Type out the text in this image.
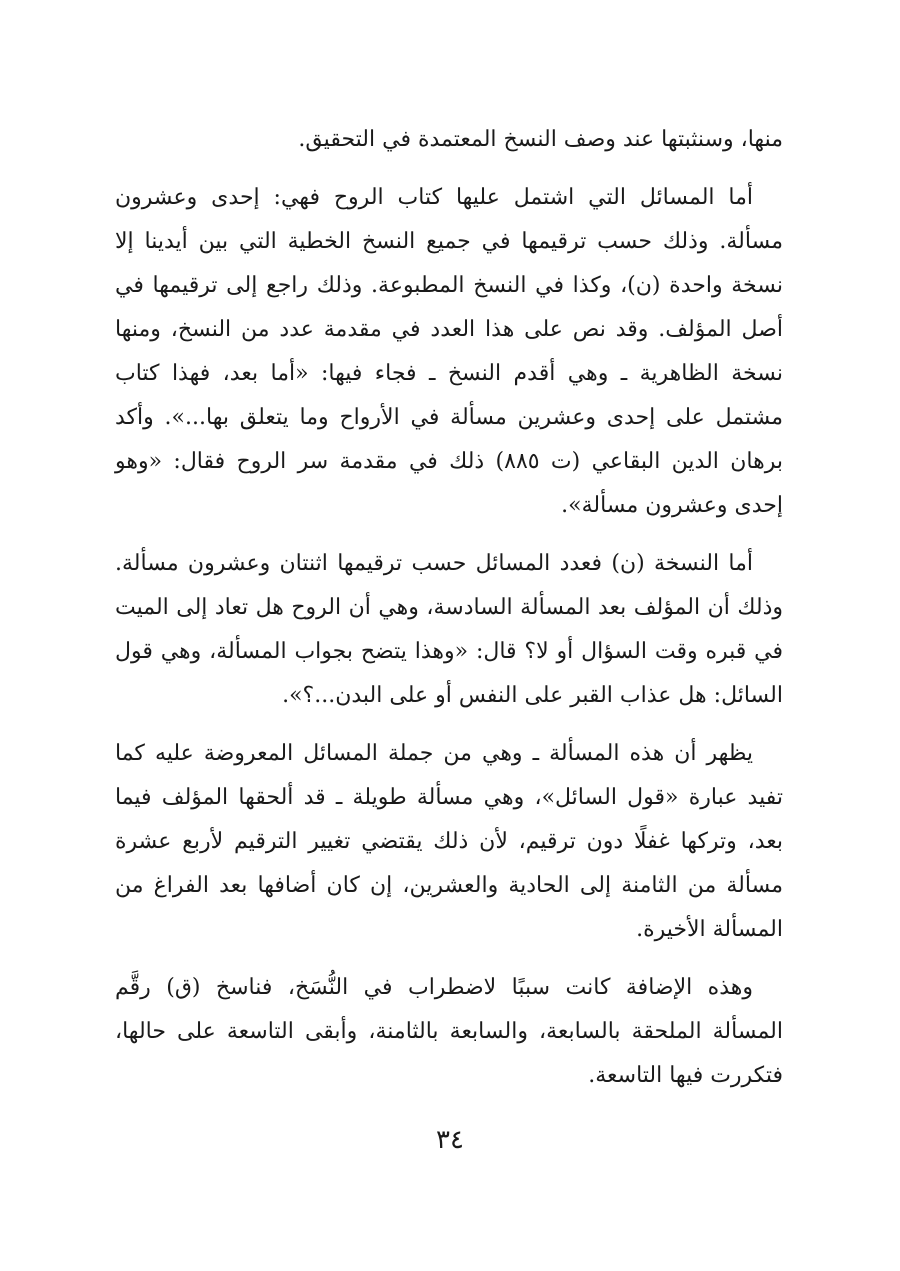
منها، وسنثبتها عند وصف النسخ المعتمدة في التحقيق.

أما المسائل التي اشتمل عليها كتاب الروح فهي: إحدى وعشرون مسألة. وذلك حسب ترقيمها في جميع النسخ الخطية التي بين أيدينا إلا نسخة واحدة (ن)، وكذا في النسخ المطبوعة. وذلك راجع إلى ترقيمها في أصل المؤلف. وقد نص على هذا العدد في مقدمة عدد من النسخ، ومنها نسخة الظاهرية ـ وهي أقدم النسخ ـ فجاء فيها: «أما بعد، فهذا كتاب مشتمل على إحدى وعشرين مسألة في الأرواح وما يتعلق بها...». وأكد برهان الدين البقاعي (ت ٨٨٥) ذلك في مقدمة سر الروح فقال: «وهو إحدى وعشرون مسألة».

أما النسخة (ن) فعدد المسائل حسب ترقيمها اثنتان وعشرون مسألة. وذلك أن المؤلف بعد المسألة السادسة، وهي أن الروح هل تعاد إلى الميت في قبره وقت السؤال أو لا؟ قال: «وهذا يتضح بجواب المسألة، وهي قول السائل: هل عذاب القبر على النفس أو على البدن...؟».

يظهر أن هذه المسألة ـ وهي من جملة المسائل المعروضة عليه كما تفيد عبارة «قول السائل»، وهي مسألة طويلة ـ قد ألحقها المؤلف فيما بعد، وتركها غفلًا دون ترقيم، لأن ذلك يقتضي تغيير الترقيم لأربع عشرة مسألة من الثامنة إلى الحادية والعشرين، إن كان أضافها بعد الفراغ من المسألة الأخيرة.

وهذه الإضافة كانت سببًا لاضطراب في النُّسَخ، فناسخ (ق) رقَّم المسألة الملحقة بالسابعة، والسابعة بالثامنة، وأبقى التاسعة على حالها، فتكررت فيها التاسعة.

٣٤
